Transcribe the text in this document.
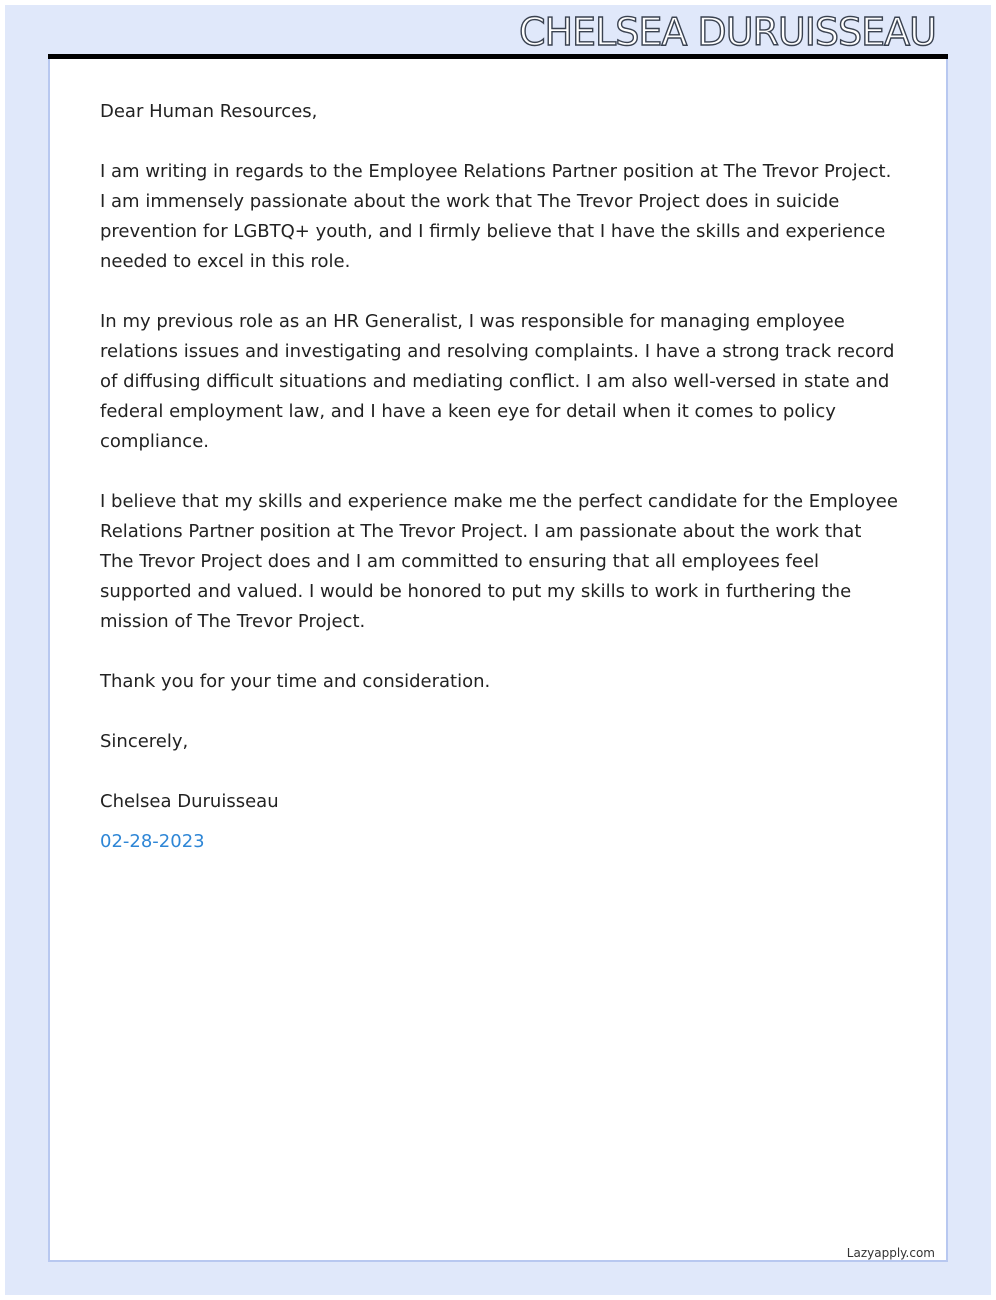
CHELSEA DURUISSEAU

Dear Human Resources,

I am writing in regards to the Employee Relations Partner position at The Trevor Project. I am immensely passionate about the work that The Trevor Project does in suicide prevention for LGBTQ+ youth, and I firmly believe that I have the skills and experience needed to excel in this role.

In my previous role as an HR Generalist, I was responsible for managing employee relations issues and investigating and resolving complaints. I have a strong track record of diffusing difficult situations and mediating conflict. I am also well-versed in state and federal employment law, and I have a keen eye for detail when it comes to policy compliance.

I believe that my skills and experience make me the perfect candidate for the Employee Relations Partner position at The Trevor Project. I am passionate about the work that The Trevor Project does and I am committed to ensuring that all employees feel supported and valued. I would be honored to put my skills to work in furthering the mission of The Trevor Project.

Thank you for your time and consideration.

Sincerely,

Chelsea Duruisseau

02-28-2023

Lazyapply.com
